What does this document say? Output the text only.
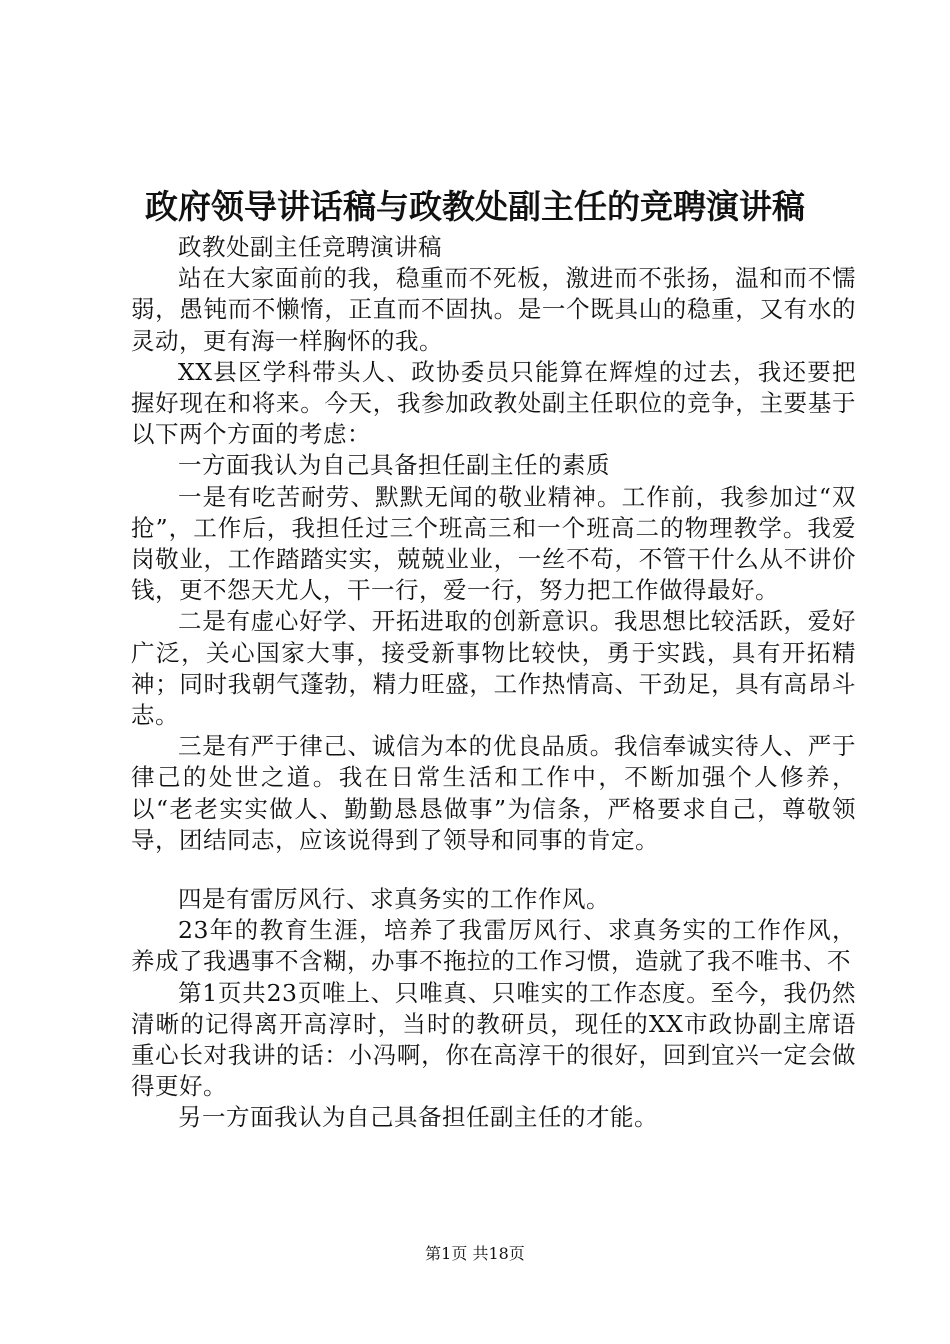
政府领导讲话稿与政教处副主任的竞聘演讲稿

政教处副主任竞聘演讲稿

站在大家面前的我，稳重而不死板，激进而不张扬，温和而不懦弱，愚钝而不懒惰，正直而不固执。是一个既具山的稳重，又有水的灵动，更有海一样胸怀的我。

XX县区学科带头人、政协委员只能算在辉煌的过去，我还要把握好现在和将来。今天，我参加政教处副主任职位的竞争，主要基于以下两个方面的考虑：

一方面我认为自己具备担任副主任的素质

一是有吃苦耐劳、默默无闻的敬业精神。工作前，我参加过“双抢”，工作后，我担任过三个班高三和一个班高二的物理教学。我爱岗敬业，工作踏踏实实，兢兢业业，一丝不苟，不管干什么从不讲价钱，更不怨天尤人，干一行，爱一行，努力把工作做得最好。

二是有虚心好学、开拓进取的创新意识。我思想比较活跃，爱好广泛，关心国家大事，接受新事物比较快，勇于实践，具有开拓精神；同时我朝气蓬勃，精力旺盛，工作热情高、干劲足，具有高昂斗志。

三是有严于律己、诚信为本的优良品质。我信奉诚实待人、严于律己的处世之道。我在日常生活和工作中，不断加强个人修养，以“老老实实做人、勤勤恳恳做事”为信条，严格要求自己，尊敬领导，团结同志，应该说得到了领导和同事的肯定。

四是有雷厉风行、求真务实的工作作风。

23年的教育生涯，培养了我雷厉风行、求真务实的工作作风，养成了我遇事不含糊，办事不拖拉的工作习惯，造就了我不唯书、不

第1页共23页唯上、只唯真、只唯实的工作态度。至今，我仍然清晰的记得离开高淳时，当时的教研员，现任的XX市政协副主席语重心长对我讲的话：小冯啊，你在高淳干的很好，回到宜兴一定会做得更好。

另一方面我认为自己具备担任副主任的才能。

第1页 共18页
